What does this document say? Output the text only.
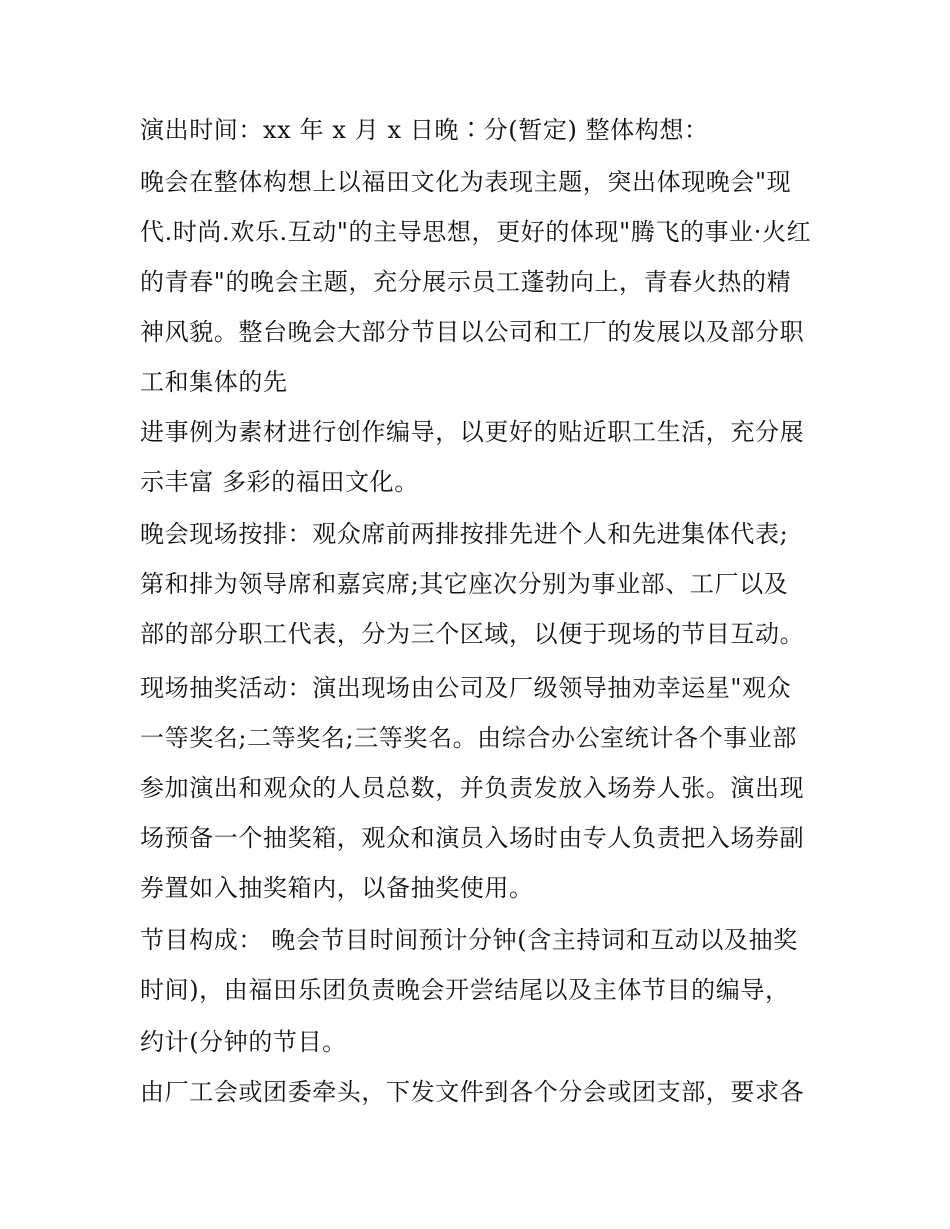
演出时间：xx 年 x 月 x 日晚∶分(暂定) 整体构想：

晚会在整体构想上以福田文化为表现主题，突出体现晚会"现

代.时尚.欢乐.互动"的主导思想，更好的体现"腾飞的事业·火红

的青春"的晚会主题，充分展示员工蓬勃向上，青春火热的精

神风貌。整台晚会大部分节目以公司和工厂的发展以及部分职

工和集体的先

进事例为素材进行创作编导，以更好的贴近职工生活，充分展

示丰富 多彩的福田文化。

晚会现场按排：观众席前两排按排先进个人和先进集体代表;

第和排为领导席和嘉宾席;其它座次分别为事业部、工厂以及

部的部分职工代表，分为三个区域，以便于现场的节目互动。

现场抽奖活动：演出现场由公司及厂级领导抽劝幸运星"观众

一等奖名;二等奖名;三等奖名。由综合办公室统计各个事业部

参加演出和观众的人员总数，并负责发放入场券人张。演出现

场预备一个抽奖箱，观众和演员入场时由专人负责把入场券副

券置如入抽奖箱内，以备抽奖使用。

节目构成： 晚会节目时间预计分钟(含主持词和互动以及抽奖

时间)，由福田乐团负责晚会开尝结尾以及主体节目的编导，

约计(分钟的节目。

由厂工会或团委牵头，下发文件到各个分会或团支部，要求各
